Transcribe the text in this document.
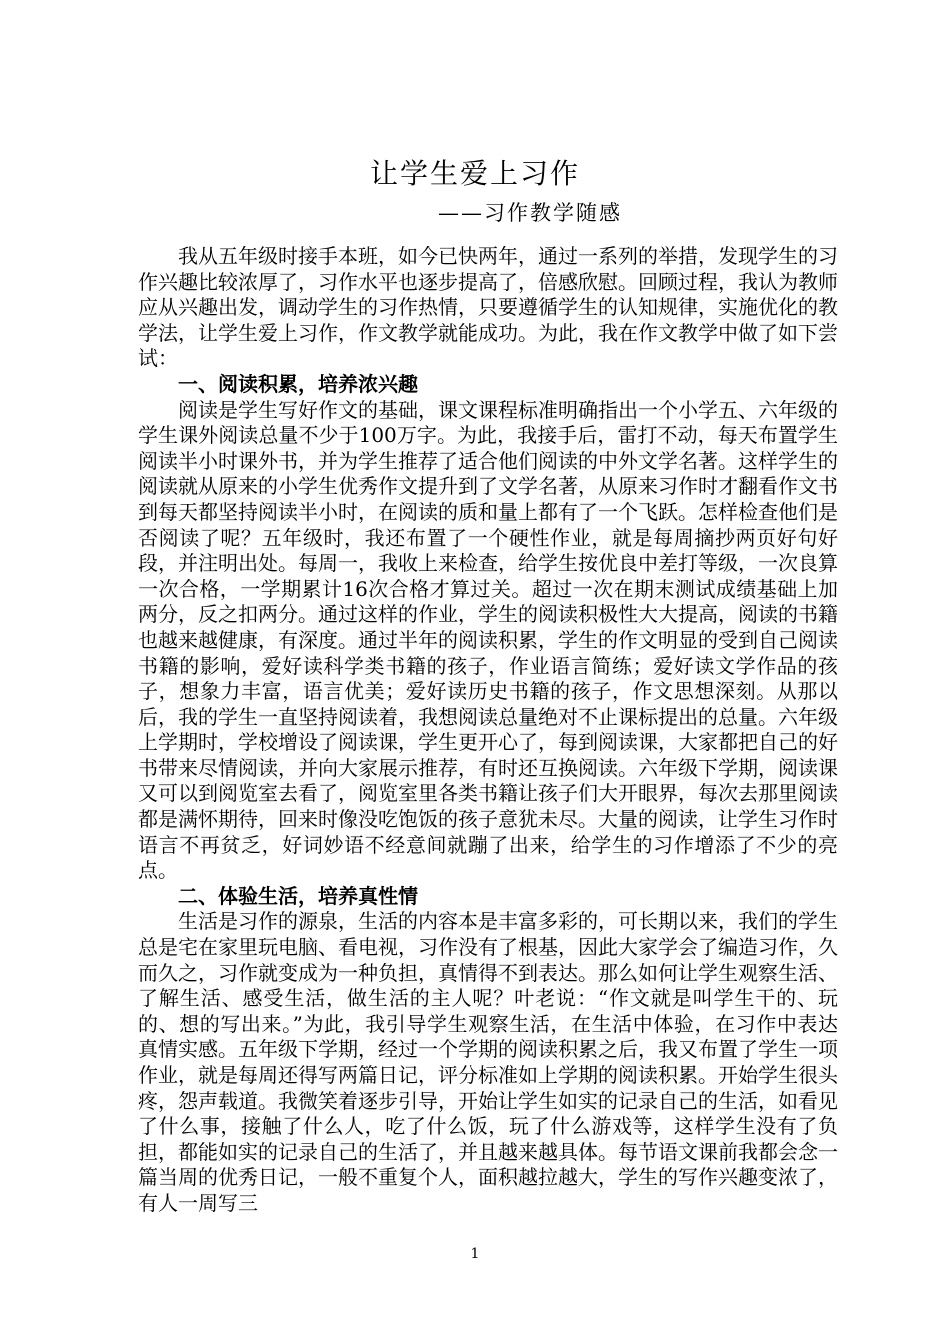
让学生爱上习作
——习作教学随感

我从五年级时接手本班，如今已快两年，通过一系列的举措，发现学生的习作兴趣比较浓厚了，习作水平也逐步提高了，倍感欣慰。回顾过程，我认为教师应从兴趣出发，调动学生的习作热情，只要遵循学生的认知规律，实施优化的教学法，让学生爱上习作，作文教学就能成功。为此，我在作文教学中做了如下尝试：

一、阅读积累，培养浓兴趣

阅读是学生写好作文的基础，课文课程标准明确指出一个小学五、六年级的学生课外阅读总量不少于100万字。为此，我接手后，雷打不动，每天布置学生阅读半小时课外书，并为学生推荐了适合他们阅读的中外文学名著。这样学生的阅读就从原来的小学生优秀作文提升到了文学名著，从原来习作时才翻看作文书到每天都坚持阅读半小时，在阅读的质和量上都有了一个飞跃。怎样检查他们是否阅读了呢？五年级时，我还布置了一个硬性作业，就是每周摘抄两页好句好段，并注明出处。每周一，我收上来检查，给学生按优良中差打等级，一次良算一次合格，一学期累计16次合格才算过关。超过一次在期末测试成绩基础上加两分，反之扣两分。通过这样的作业，学生的阅读积极性大大提高，阅读的书籍也越来越健康，有深度。通过半年的阅读积累，学生的作文明显的受到自己阅读书籍的影响，爱好读科学类书籍的孩子，作业语言简练；爱好读文学作品的孩子，想象力丰富，语言优美；爱好读历史书籍的孩子，作文思想深刻。从那以后，我的学生一直坚持阅读着，我想阅读总量绝对不止课标提出的总量。六年级上学期时，学校增设了阅读课，学生更开心了，每到阅读课，大家都把自己的好书带来尽情阅读，并向大家展示推荐，有时还互换阅读。六年级下学期，阅读课又可以到阅览室去看了，阅览室里各类书籍让孩子们大开眼界，每次去那里阅读都是满怀期待，回来时像没吃饱饭的孩子意犹未尽。大量的阅读，让学生习作时语言不再贫乏，好词妙语不经意间就蹦了出来，给学生的习作增添了不少的亮点。

二、体验生活，培养真性情

生活是习作的源泉，生活的内容本是丰富多彩的，可长期以来，我们的学生总是宅在家里玩电脑、看电视，习作没有了根基，因此大家学会了编造习作，久而久之，习作就变成为一种负担，真情得不到表达。那么如何让学生观察生活、了解生活、感受生活，做生活的主人呢？叶老说：“作文就是叫学生干的、玩的、想的写出来。”为此，我引导学生观察生活，在生活中体验，在习作中表达真情实感。五年级下学期，经过一个学期的阅读积累之后，我又布置了学生一项作业，就是每周还得写两篇日记，评分标准如上学期的阅读积累。开始学生很头疼，怨声载道。我微笑着逐步引导，开始让学生如实的记录自己的生活，如看见了什么事，接触了什么人，吃了什么饭，玩了什么游戏等，这样学生没有了负担，都能如实的记录自己的生活了，并且越来越具体。每节语文课前我都会念一篇当周的优秀日记，一般不重复个人，面积越拉越大，学生的写作兴趣变浓了，有人一周写三

1
